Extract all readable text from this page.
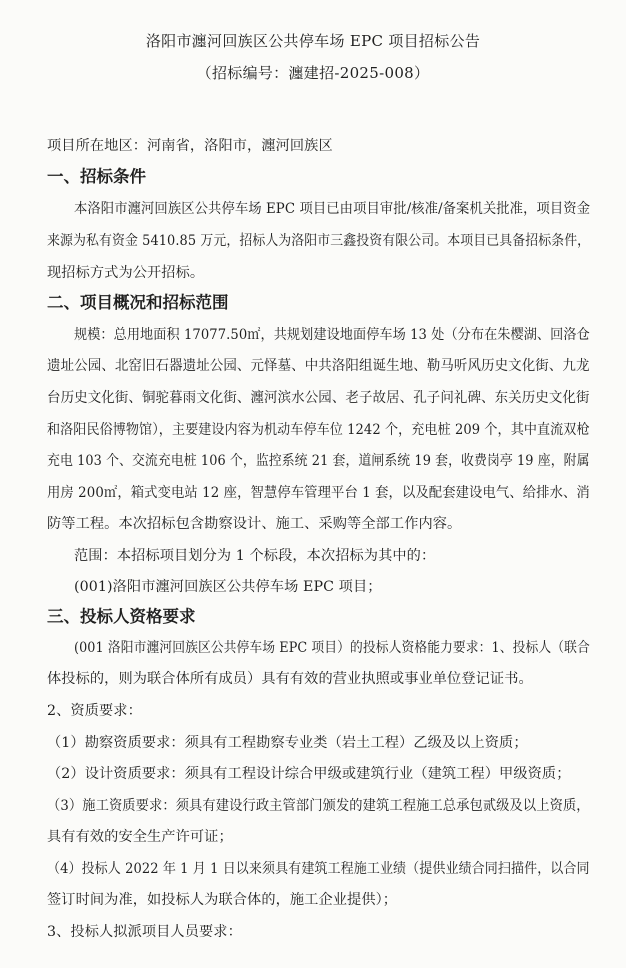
洛阳市瀍河回族区公共停车场 EPC 项目招标公告
（招标编号：瀍建招-2025-008）
项目所在地区：河南省，洛阳市，瀍河回族区
一、招标条件
本洛阳市瀍河回族区公共停车场 EPC 项目已由项目审批/核准/备案机关批准，项目资金
来源为私有资金 5410.85 万元，招标人为洛阳市三鑫投资有限公司。本项目已具备招标条件，
现招标方式为公开招标。
二、项目概况和招标范围
规模：总用地面积 17077.50㎡，共规划建设地面停车场 13 处（分布在朱樱湖、回洛仓
遗址公园、北窑旧石器遗址公园、元怿墓、中共洛阳组诞生地、勒马听风历史文化街、九龙
台历史文化街、铜驼暮雨文化街、瀍河滨水公园、老子故居、孔子问礼碑、东关历史文化街
和洛阳民俗博物馆），主要建设内容为机动车停车位 1242 个，充电桩 209 个，其中直流双枪
充电 103 个、交流充电桩 106 个，监控系统 21 套，道闸系统 19 套，收费岗亭 19 座，附属
用房 200㎡，箱式变电站 12 座，智慧停车管理平台 1 套，以及配套建设电气、给排水、消
防等工程。本次招标包含勘察设计、施工、采购等全部工作内容。
范围：本招标项目划分为 1 个标段，本次招标为其中的：
(001)洛阳市瀍河回族区公共停车场 EPC 项目；
三、投标人资格要求
(001 洛阳市瀍河回族区公共停车场 EPC 项目）的投标人资格能力要求：1、投标人（联合
体投标的，则为联合体所有成员）具有有效的营业执照或事业单位登记证书。
2、资质要求：
（1）勘察资质要求：须具有工程勘察专业类（岩土工程）乙级及以上资质；
（2）设计资质要求：须具有工程设计综合甲级或建筑行业（建筑工程）甲级资质；
（3）施工资质要求：须具有建设行政主管部门颁发的建筑工程施工总承包贰级及以上资质，
具有有效的安全生产许可证；
（4）投标人 2022 年 1 月 1 日以来须具有建筑工程施工业绩（提供业绩合同扫描件，以合同
签订时间为准，如投标人为联合体的，施工企业提供）；
3、投标人拟派项目人员要求：
